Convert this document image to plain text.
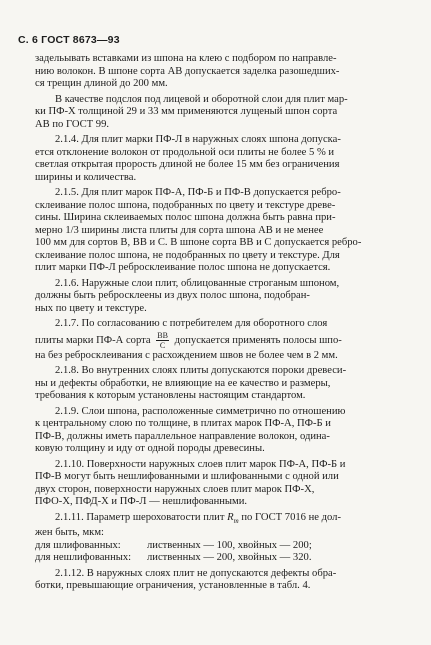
С. 6 ГОСТ 8673—93

задельывать вставками из шпона на клею с подбором по направле-
нию волокон. В шпоне сорта АВ допускается заделка разошедших-
ся трещин длиной до 200 мм.

В качестве подслоя под лицевой и оборотной слои для плит мар-
ки ПФ-Х толщиной 29 и 33 мм применяются лущеный шпон сорта
АВ по ГОСТ 99.

2.1.4. Для плит марки ПФ-Л в наружных слоях шпона допуска-
ется отклонение волокон от продольной оси плиты не более 5 % и
светлая открытая прорость длиной не более 15 мм без ограничения
ширины и количества.

2.1.5. Для плит марок ПФ-А, ПФ-Б и ПФ-В допускается ребро-
склеивание полос шпона, подобранных по цвету и текстуре древе-
сины. Ширина склеиваемых полос шпона должна быть равна при-
мерно 1/3 ширины листа плиты для сорта шпона АВ и не менее
100 мм для сортов В, ВВ и С. В шпоне сорта ВВ и С допускается ребро-
склеивание полос шпона, не подобранных по цвету и текстуре. Для
плит марки ПФ-Л ребросклеивание полос шпона не допускается.

2.1.6. Наружные слои плит, облицованные строганым шпоном,
должны быть ребросклеены из двух полос шпона, подобран-
ных по цвету и текстуре.

2.1.7. По согласованию с потребителем для оборотного слоя
плиты марки ПФ-А сорта $\frac{ВВ}{С}$ допускается применять полосы шпо-
на без ребросклеивания с расхождением швов не более чем в 2 мм.

2.1.8. Во внутренних слоях плиты допускаются пороки древеси-
ны и дефекты обработки, не влияющие на ее качество и размеры,
требования к которым установлены настоящим стандартом.

2.1.9. Слои шпона, расположенные симметрично по отношению
к центральному слою по толщине, в плитах марок ПФ-А, ПФ-Б и
ПФ-В, должны иметь параллельное направление волокон, одина-
ковую толщину и иду от одной породы древесины.

2.1.10. Поверхности наружных слоев плит марок ПФ-А, ПФ-Б и
ПФ-В могут быть нешлифованными и шлифованными с одной или
двух сторон, поверхности наружных слоев плит марок ПФ-Х,
ПФО-Х, ПФД-Х и ПФ-Л — нешлифованными.

2.1.11. Параметр шероховатости плит $R_m$ по ГОСТ 7016 не дол-
жен быть, мкм:
для шлифованных:	лиственных — 100, хвойных — 200;
для нешлифованных:	лиственных — 200, хвойных — 320.

2.1.12. В наружных слоях плит не допускаются дефекты обра-
ботки, превышающие ограничения, установленные в табл. 4.
